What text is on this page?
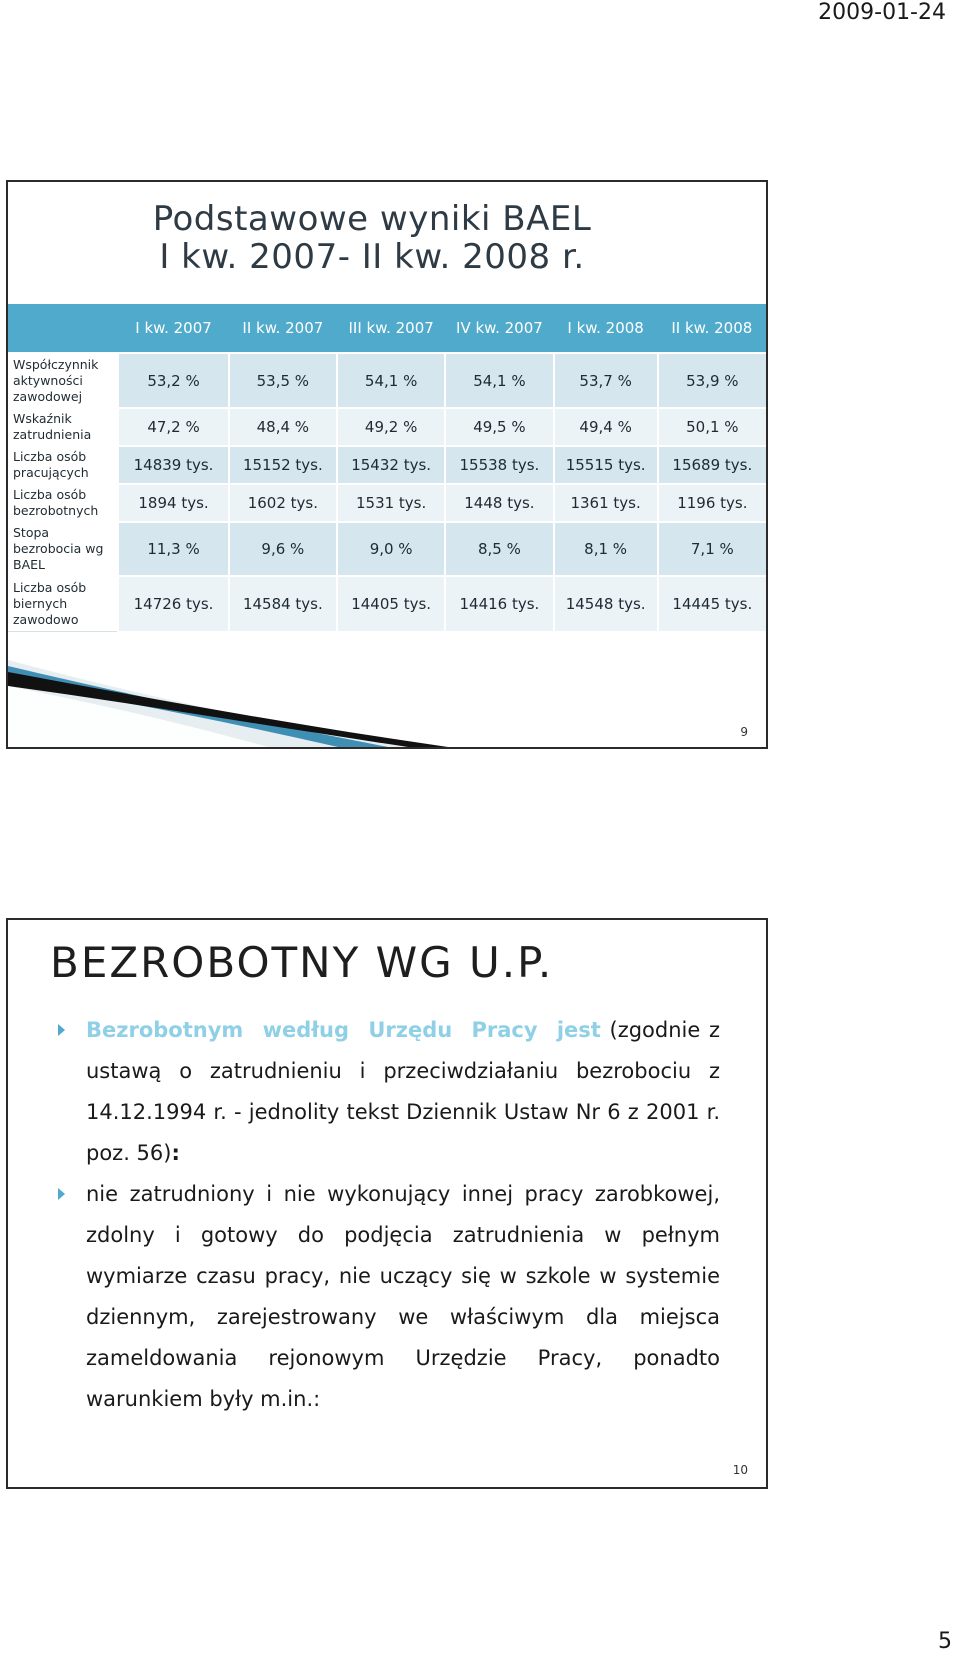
2009-01-24
Podstawowe wyniki BAEL
I kw. 2007- II kw. 2008 r.
	I kw. 2007	II kw. 2007	III kw. 2007	IV kw. 2007	I kw. 2008	II kw. 2008
Współczynnik aktywności zawodowej	53,2 %	53,5 %	54,1 %	54,1 %	53,7 %	53,9 %
Wskaźnik zatrudnienia	47,2 %	48,4 %	49,2 %	49,5 %	49,4 %	50,1 %
Liczba osób pracujących	14839 tys.	15152 tys.	15432 tys.	15538 tys.	15515 tys.	15689 tys.
Liczba osób bezrobotnych	1894 tys.	1602 tys.	1531 tys.	1448 tys.	1361 tys.	1196 tys.
Stopa bezrobocia wg BAEL	11,3 %	9,6 %	9,0 %	8,5 %	8,1 %	7,1 %
Liczba osób biernych zawodowo	14726 tys.	14584 tys.	14405 tys.	14416 tys.	14548 tys.	14445 tys.
9
BEZROBOTNY WG U.P.
Bezrobotnym według Urzędu Pracy jest (zgodnie z ustawą o zatrudnieniu i przeciwdziałaniu bezrobociu z 14.12.1994 r. - jednolity tekst Dziennik Ustaw Nr 6 z 2001 r. poz. 56):
nie zatrudniony i nie wykonujący innej pracy zarobkowej, zdolny i gotowy do podjęcia zatrudnienia w pełnym wymiarze czasu pracy, nie uczący się w szkole w systemie dziennym, zarejestrowany we właściwym dla miejsca zameldowania rejonowym Urzędzie Pracy, ponadto warunkiem były m.in.:
10
5
